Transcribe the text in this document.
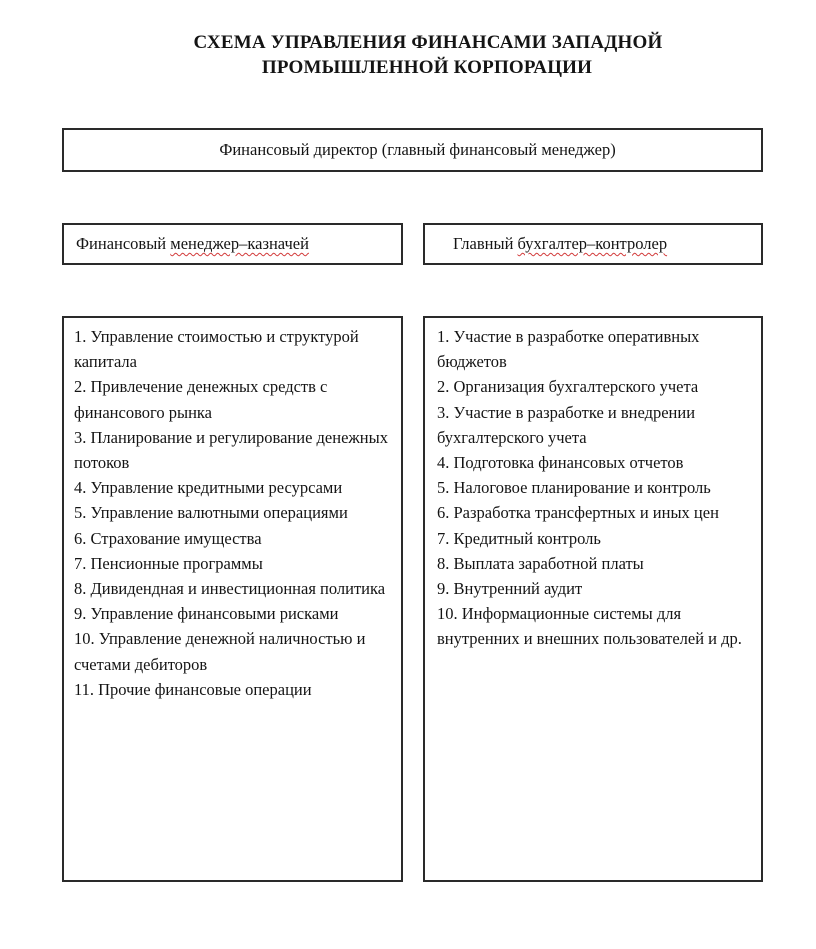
СХЕМА УПРАВЛЕНИЯ ФИНАНСАМИ ЗАПАДНОЙ
ПРОМЫШЛЕННОЙ КОРПОРАЦИИ
Финансовый директор (главный финансовый менеджер)
Финансовый менеджер–казначей	Главный бухгалтер–контролер
1. Управление стоимостью и структурой капитала
2. Привлечение денежных средств с финансового рынка
3. Планирование и регулирование денежных потоков
4. Управление кредитными ресурсами
5. Управление валютными операциями
6. Страхование имущества
7. Пенсионные программы
8. Дивидендная и инвестиционная политика
9. Управление финансовыми рисками
10. Управление денежной наличностью и счетами дебиторов
11. Прочие финансовые операции
1. Участие в разработке оперативных бюджетов
2. Организация бухгалтерского учета
3. Участие в разработке и внедрении бухгалтерского учета
4. Подготовка финансовых отчетов
5. Налоговое планирование и контроль
6. Разработка трансфертных и иных цен
7. Кредитный контроль
8. Выплата заработной платы
9. Внутренний аудит
10. Информационные системы для внутренних и внешних пользователей и др.
